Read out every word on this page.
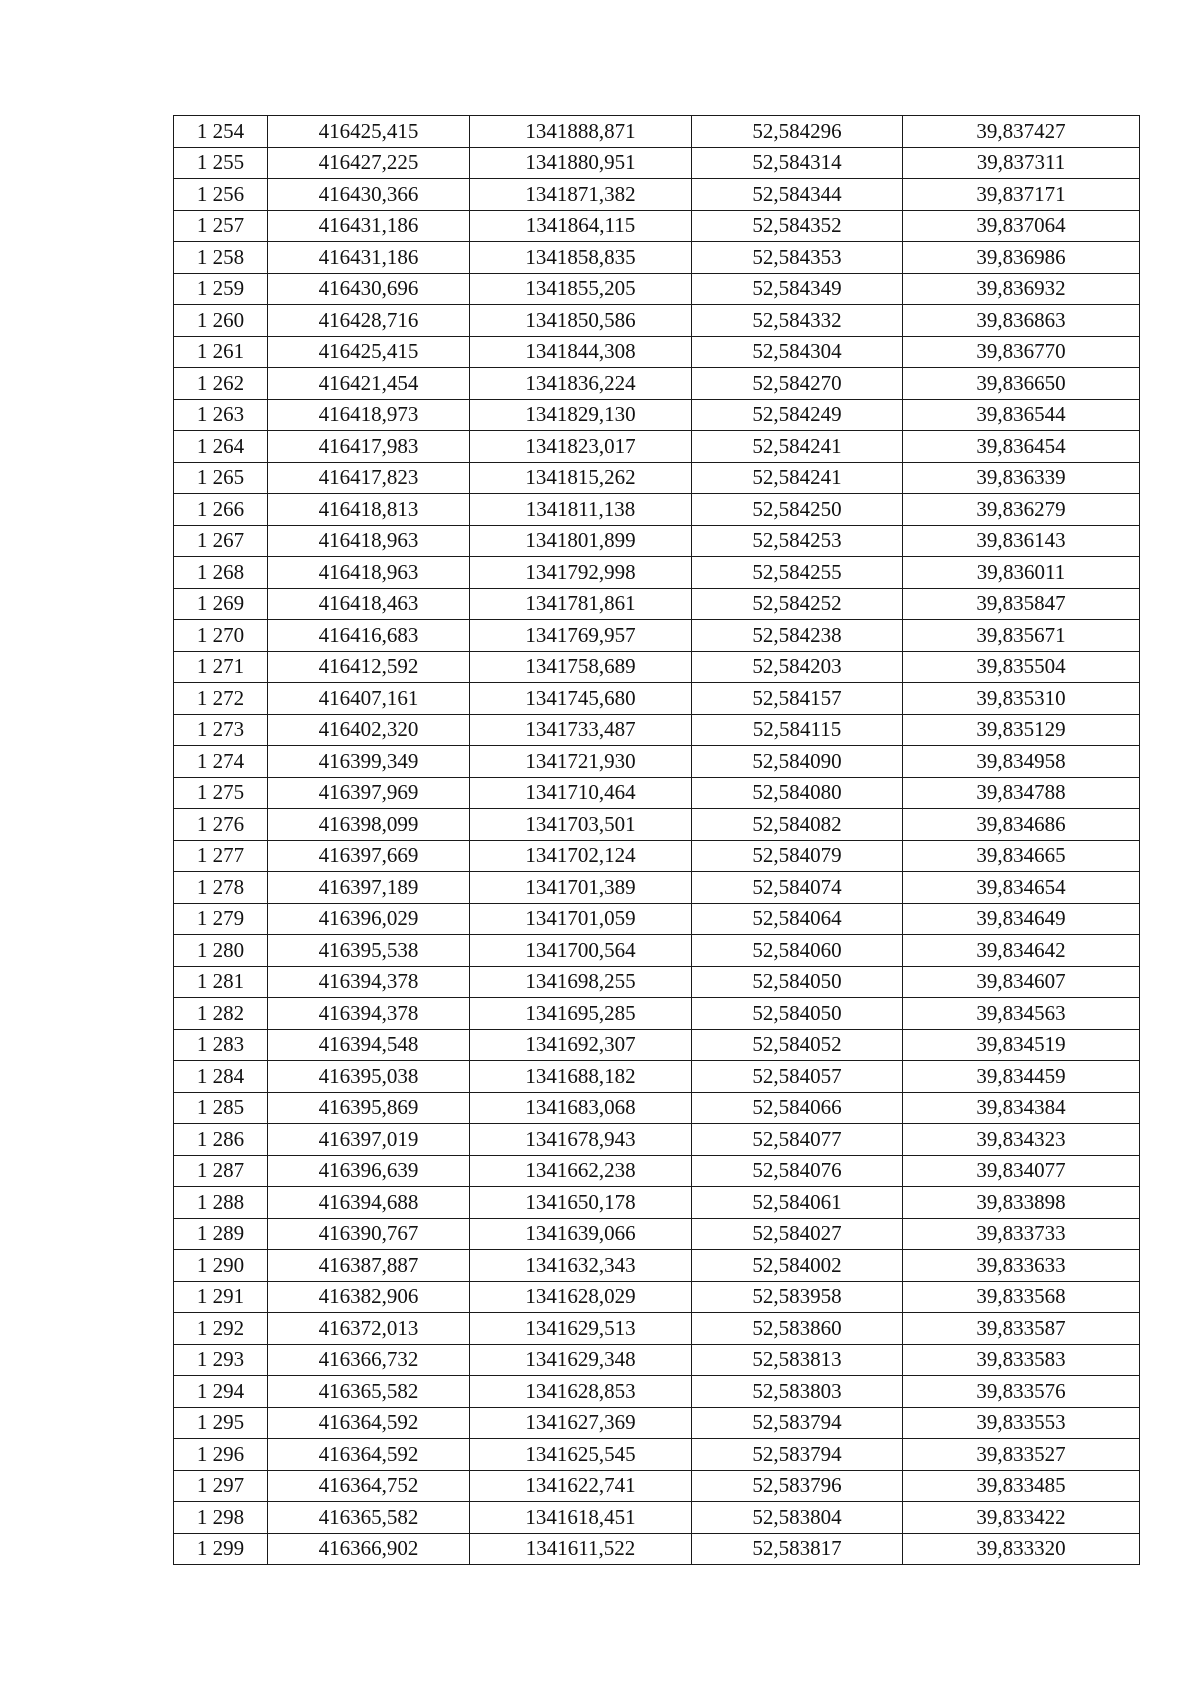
1 254	416425,415	1341888,871	52,584296	39,837427
1 255	416427,225	1341880,951	52,584314	39,837311
1 256	416430,366	1341871,382	52,584344	39,837171
1 257	416431,186	1341864,115	52,584352	39,837064
1 258	416431,186	1341858,835	52,584353	39,836986
1 259	416430,696	1341855,205	52,584349	39,836932
1 260	416428,716	1341850,586	52,584332	39,836863
1 261	416425,415	1341844,308	52,584304	39,836770
1 262	416421,454	1341836,224	52,584270	39,836650
1 263	416418,973	1341829,130	52,584249	39,836544
1 264	416417,983	1341823,017	52,584241	39,836454
1 265	416417,823	1341815,262	52,584241	39,836339
1 266	416418,813	1341811,138	52,584250	39,836279
1 267	416418,963	1341801,899	52,584253	39,836143
1 268	416418,963	1341792,998	52,584255	39,836011
1 269	416418,463	1341781,861	52,584252	39,835847
1 270	416416,683	1341769,957	52,584238	39,835671
1 271	416412,592	1341758,689	52,584203	39,835504
1 272	416407,161	1341745,680	52,584157	39,835310
1 273	416402,320	1341733,487	52,584115	39,835129
1 274	416399,349	1341721,930	52,584090	39,834958
1 275	416397,969	1341710,464	52,584080	39,834788
1 276	416398,099	1341703,501	52,584082	39,834686
1 277	416397,669	1341702,124	52,584079	39,834665
1 278	416397,189	1341701,389	52,584074	39,834654
1 279	416396,029	1341701,059	52,584064	39,834649
1 280	416395,538	1341700,564	52,584060	39,834642
1 281	416394,378	1341698,255	52,584050	39,834607
1 282	416394,378	1341695,285	52,584050	39,834563
1 283	416394,548	1341692,307	52,584052	39,834519
1 284	416395,038	1341688,182	52,584057	39,834459
1 285	416395,869	1341683,068	52,584066	39,834384
1 286	416397,019	1341678,943	52,584077	39,834323
1 287	416396,639	1341662,238	52,584076	39,834077
1 288	416394,688	1341650,178	52,584061	39,833898
1 289	416390,767	1341639,066	52,584027	39,833733
1 290	416387,887	1341632,343	52,584002	39,833633
1 291	416382,906	1341628,029	52,583958	39,833568
1 292	416372,013	1341629,513	52,583860	39,833587
1 293	416366,732	1341629,348	52,583813	39,833583
1 294	416365,582	1341628,853	52,583803	39,833576
1 295	416364,592	1341627,369	52,583794	39,833553
1 296	416364,592	1341625,545	52,583794	39,833527
1 297	416364,752	1341622,741	52,583796	39,833485
1 298	416365,582	1341618,451	52,583804	39,833422
1 299	416366,902	1341611,522	52,583817	39,833320
